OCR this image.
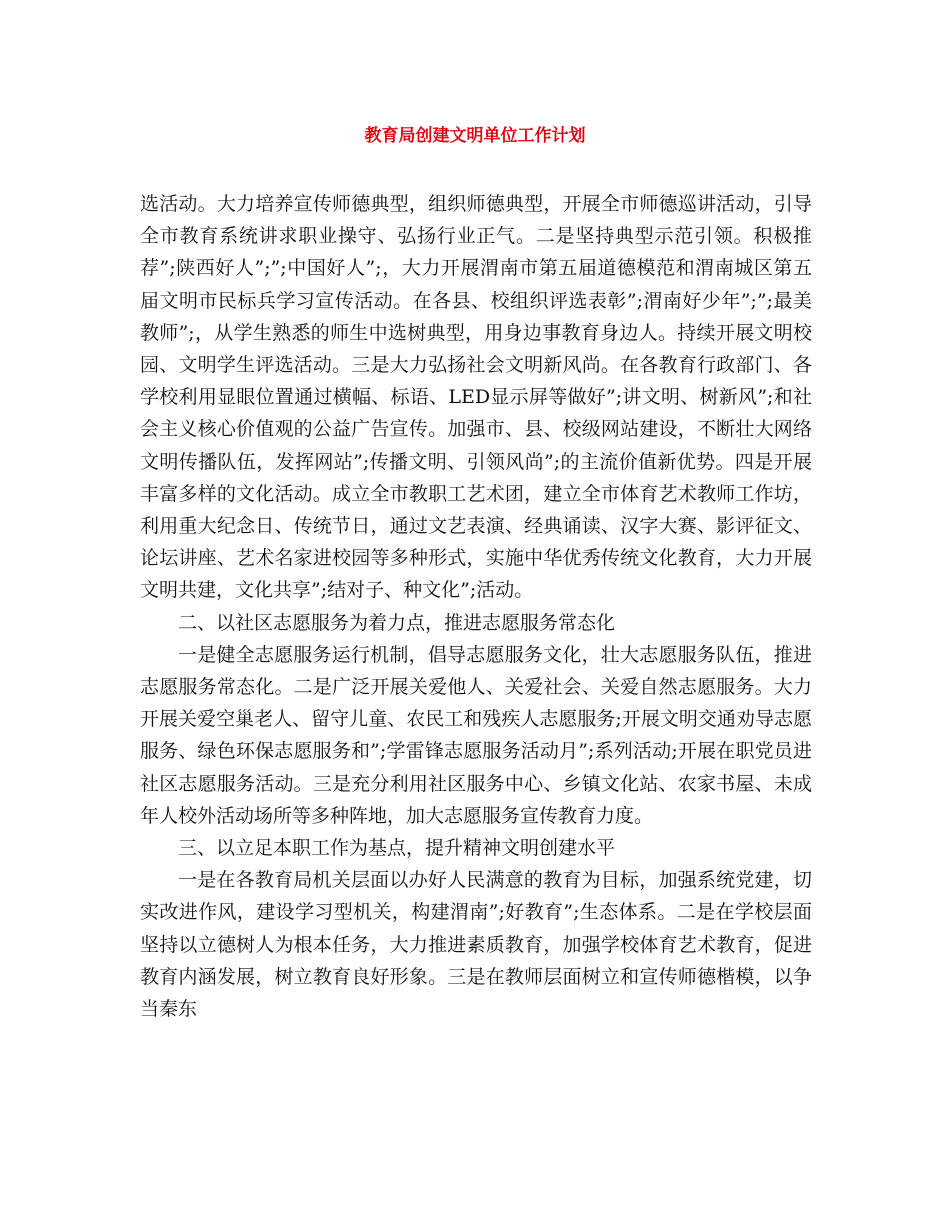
教育局创建文明单位工作计划

选活动。大力培养宣传师德典型，组织师德典型，开展全市师德巡讲活动，引导全市教育系统讲求职业操守、弘扬行业正气。二是坚持典型示范引领。积极推荐”;陕西好人”;”;中国好人”;，大力开展渭南市第五届道德模范和渭南城区第五届文明市民标兵学习宣传活动。在各县、校组织评选表彰”;渭南好少年”;”;最美教师”;，从学生熟悉的师生中选树典型，用身边事教育身边人。持续开展文明校园、文明学生评选活动。三是大力弘扬社会文明新风尚。在各教育行政部门、各学校利用显眼位置通过横幅、标语、LED显示屏等做好”;讲文明、树新风”;和社会主义核心价值观的公益广告宣传。加强市、县、校级网站建设，不断壮大网络文明传播队伍，发挥网站”;传播文明、引领风尚”;的主流价值新优势。四是开展丰富多样的文化活动。成立全市教职工艺术团，建立全市体育艺术教师工作坊，利用重大纪念日、传统节日，通过文艺表演、经典诵读、汉字大赛、影评征文、论坛讲座、艺术名家进校园等多种形式，实施中华优秀传统文化教育，大力开展文明共建，文化共享”;结对子、种文化”;活动。

二、以社区志愿服务为着力点，推进志愿服务常态化

一是健全志愿服务运行机制，倡导志愿服务文化，壮大志愿服务队伍，推进志愿服务常态化。二是广泛开展关爱他人、关爱社会、关爱自然志愿服务。大力开展关爱空巢老人、留守儿童、农民工和残疾人志愿服务;开展文明交通劝导志愿服务、绿色环保志愿服务和”;学雷锋志愿服务活动月”;系列活动;开展在职党员进社区志愿服务活动。三是充分利用社区服务中心、乡镇文化站、农家书屋、未成年人校外活动场所等多种阵地，加大志愿服务宣传教育力度。

三、以立足本职工作为基点，提升精神文明创建水平

一是在各教育局机关层面以办好人民满意的教育为目标，加强系统党建，切实改进作风，建设学习型机关，构建渭南”;好教育”;生态体系。二是在学校层面坚持以立德树人为根本任务，大力推进素质教育，加强学校体育艺术教育，促进教育内涵发展，树立教育良好形象。三是在教师层面树立和宣传师德楷模，以争当秦东
